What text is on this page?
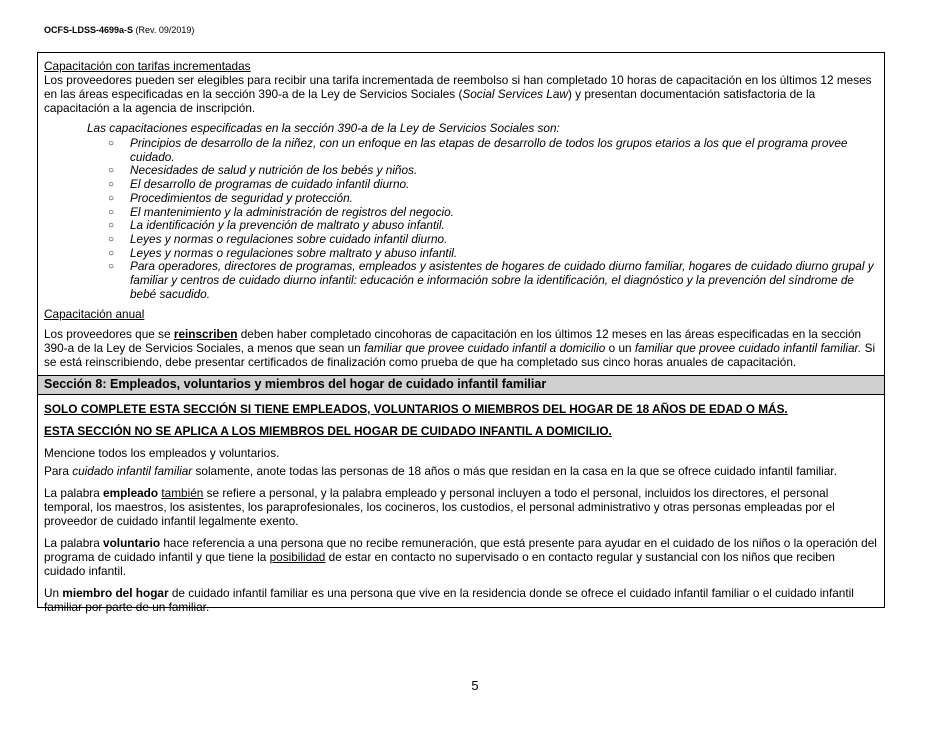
OCFS-LDSS-4699a-S (Rev. 09/2019)

Capacitación con tarifas incrementadas

Los proveedores pueden ser elegibles para recibir una tarifa incrementada de reembolso si han completado 10 horas de capacitación en los últimos 12 meses en las áreas especificadas en la sección 390-a de la Ley de Servicios Sociales (Social Services Law) y presentan documentación satisfactoria de la capacitación a la agencia de inscripción.

Las capacitaciones especificadas en la sección 390-a de la Ley de Servicios Sociales son:

○ Principios de desarrollo de la niñez, con un enfoque en las etapas de desarrollo de todos los grupos etarios a los que el programa provee cuidado.
○ Necesidades de salud y nutrición de los bebés y niños.
○ El desarrollo de programas de cuidado infantil diurno.
○ Procedimientos de seguridad y protección.
○ El mantenimiento y la administración de registros del negocio.
○ La identificación y la prevención de maltrato y abuso infantil.
○ Leyes y normas o regulaciones sobre cuidado infantil diurno.
○ Leyes y normas o regulaciones sobre maltrato y abuso infantil.
○ Para operadores, directores de programas, empleados y asistentes de hogares de cuidado diurno familiar, hogares de cuidado diurno grupal y familiar y centros de cuidado diurno infantil: educación e información sobre la identificación, el diagnóstico y la prevención del síndrome de bebé sacudido.

Capacitación anual

Los proveedores que se reinscriben deben haber completado cincohoras de capacitación en los últimos 12 meses en las áreas especificadas en la sección 390-a de la Ley de Servicios Sociales, a menos que sean un familiar que provee cuidado infantil a domicilio o un familiar que provee cuidado infantil familiar. Si se está reinscribiendo, debe presentar certificados de finalización como prueba de que ha completado sus cinco horas anuales de capacitación.

Sección 8: Empleados, voluntarios y miembros del hogar de cuidado infantil familiar

SOLO COMPLETE ESTA SECCIÓN SI TIENE EMPLEADOS, VOLUNTARIOS O MIEMBROS DEL HOGAR DE 18 AÑOS DE EDAD O MÁS.

ESTA SECCIÓN NO SE APLICA A LOS MIEMBROS DEL HOGAR DE CUIDADO INFANTIL A DOMICILIO.

Mencione todos los empleados y voluntarios.

Para cuidado infantil familiar solamente, anote todas las personas de 18 años o más que residan en la casa en la que se ofrece cuidado infantil familiar.

La palabra empleado también se refiere a personal, y la palabra empleado y personal incluyen a todo el personal, incluidos los directores, el personal temporal, los maestros, los asistentes, los paraprofesionales, los cocineros, los custodios, el personal administrativo y otras personas empleadas por el proveedor de cuidado infantil legalmente exento.

La palabra voluntario hace referencia a una persona que no recibe remuneración, que está presente para ayudar en el cuidado de los niños o la operación del programa de cuidado infantil y que tiene la posibilidad de estar en contacto no supervisado o en contacto regular y sustancial con los niños que reciben cuidado infantil.

Un miembro del hogar de cuidado infantil familiar es una persona que vive en la residencia donde se ofrece el cuidado infantil familiar o el cuidado infantil familiar por parte de un familiar.

5
